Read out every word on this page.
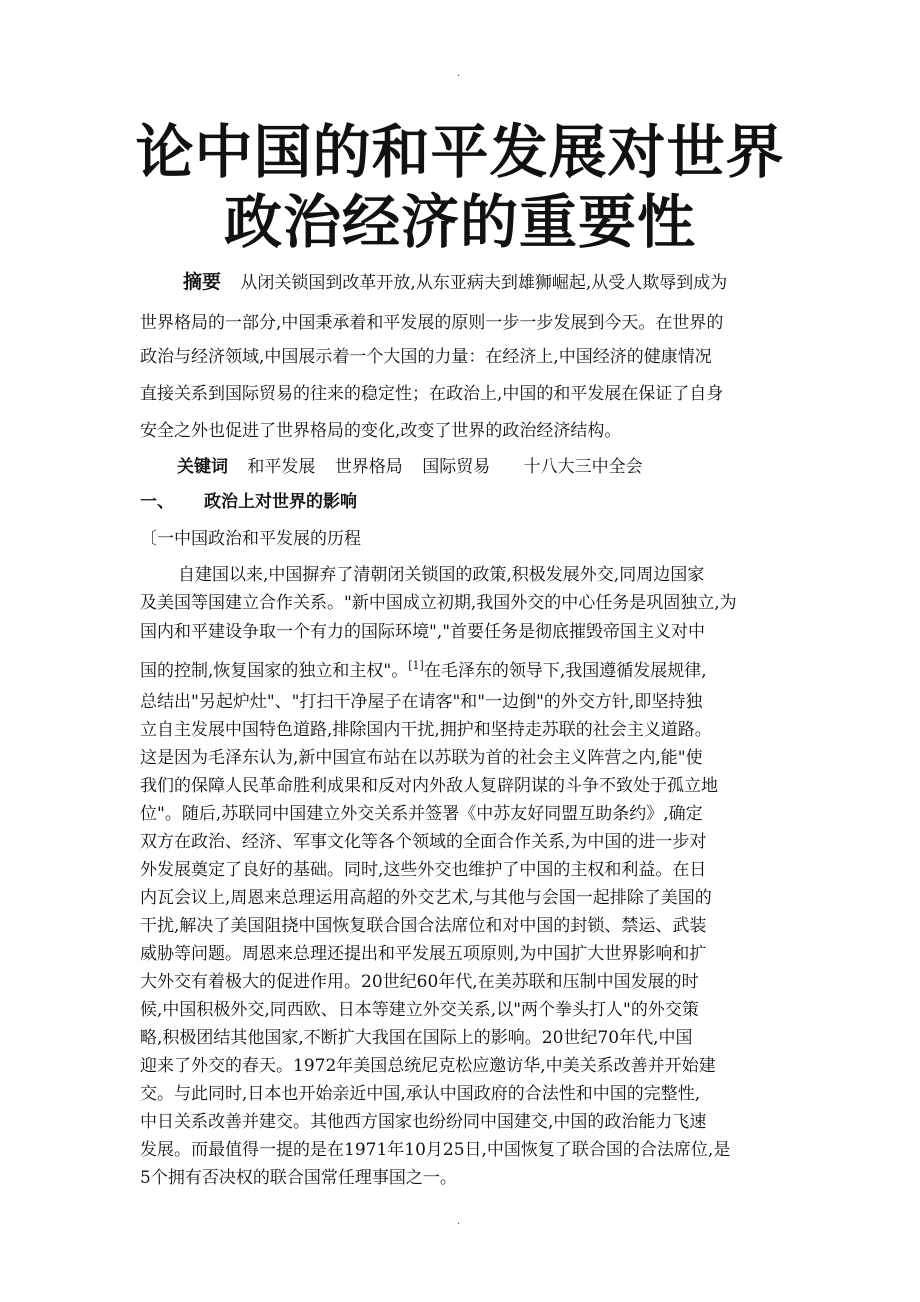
.
论中国的和平发展对世界
政治经济的重要性
摘要 从闭关锁国到改革开放,从东亚病夫到雄狮崛起,从受人欺辱到成为
世界格局的一部分,中国秉承着和平发展的原则一步一步发展到今天。在世界的
政治与经济领域,中国展示着一个大国的力量：在经济上,中国经济的健康情况
直接关系到国际贸易的往来的稳定性；在政治上,中国的和平发展在保证了自身
安全之外也促进了世界格局的变化,改变了世界的政治经济结构。
关键词 和平发展 世界格局 国际贸易 十八大三中全会
一、 政治上对世界的影响
〔一中国政治和平发展的历程
自建国以来,中国摒弃了清朝闭关锁国的政策,积极发展外交,同周边国家
及美国等国建立合作关系。"新中国成立初期,我国外交的中心任务是巩固独立,为
国内和平建设争取一个有力的国际环境","首要任务是彻底摧毁帝国主义对中
国的控制,恢复国家的独立和主权"。[1]在毛泽东的领导下,我国遵循发展规律,
总结出"另起炉灶"、"打扫干净屋子在请客"和"一边倒"的外交方针,即坚持独
立自主发展中国特色道路,排除国内干扰,拥护和坚持走苏联的社会主义道路。
这是因为毛泽东认为,新中国宣布站在以苏联为首的社会主义阵营之内,能"使
我们的保障人民革命胜利成果和反对内外敌人复辟阴谋的斗争不致处于孤立地
位"。随后,苏联同中国建立外交关系并签署《中苏友好同盟互助条约》,确定
双方在政治、经济、军事文化等各个领域的全面合作关系,为中国的进一步对
外发展奠定了良好的基础。同时,这些外交也维护了中国的主权和利益。在日
内瓦会议上,周恩来总理运用高超的外交艺术,与其他与会国一起排除了美国的
干扰,解决了美国阻挠中国恢复联合国合法席位和对中国的封锁、禁运、武装
威胁等问题。周恩来总理还提出和平发展五项原则,为中国扩大世界影响和扩
大外交有着极大的促进作用。20世纪60年代,在美苏联和压制中国发展的时
候,中国积极外交,同西欧、日本等建立外交关系,以"两个拳头打人"的外交策
略,积极团结其他国家,不断扩大我国在国际上的影响。20世纪70年代,中国
迎来了外交的春天。1972年美国总统尼克松应邀访华,中美关系改善并开始建
交。与此同时,日本也开始亲近中国,承认中国政府的合法性和中国的完整性,
中日关系改善并建交。其他西方国家也纷纷同中国建交,中国的政治能力飞速
发展。而最值得一提的是在1971年10月25日,中国恢复了联合国的合法席位,是
5个拥有否决权的联合国常任理事国之一。
.
